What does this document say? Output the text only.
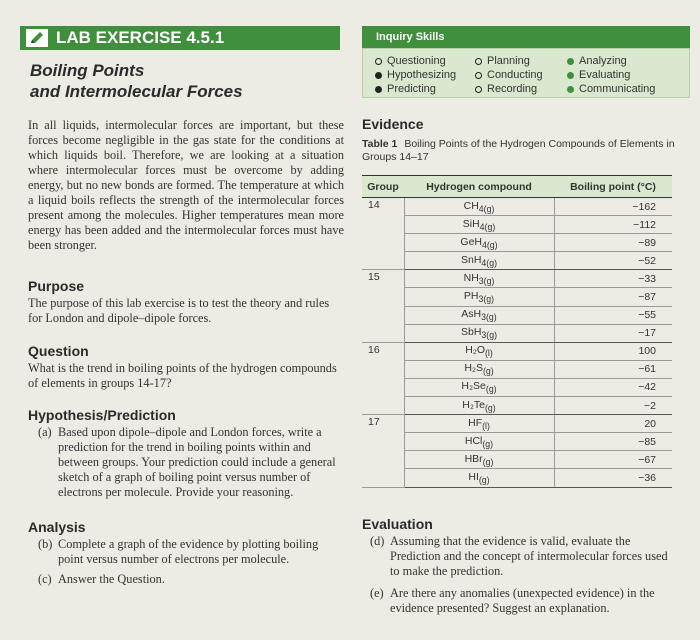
LAB EXERCISE 4.5.1
Boiling Points
and Intermolecular Forces
Inquiry Skills
Questioning
Hypothesizing
Predicting
Planning
Conducting
Recording
Analyzing
Evaluating
Communicating

In all liquids, intermolecular forces are important, but these forces become negligible in the gas state for the conditions at which liquids boil. Therefore, we are looking at a situation where intermolecular forces must be overcome by adding energy, but no new bonds are formed. The temperature at which a liquid boils reflects the strength of the intermolecular forces present among the molecules. Higher temperatures mean more energy has been added and the intermolecular forces must have been stronger.

Purpose

The purpose of this lab exercise is to test the theory and rules for London and dipole–dipole forces.

Question

What is the trend in boiling points of the hydrogen compounds of elements in groups 14-17?

Hypothesis/Prediction
(a) Based upon dipole–dipole and London forces, write a prediction for the trend in boiling points within and between groups. Your prediction could include a general sketch of a graph of boiling point versus number of electrons per molecule. Provide your reasoning.
Analysis
(b) Complete a graph of the evidence by plotting boiling point versus number of electrons per molecule.
(c) Answer the Question.
Evidence
Table 1 Boiling Points of the Hydrogen Compounds of Elements in Groups 14–17
Group	Hydrogen compound	Boiling point (°C)
14	$CH_{4(g)}$	−162
	SiH$_{4(g)}$	−112
	GeH$_{4(g)}$	−89
	SnH$_{4(g)}$	−52
15	$NH_{3(g)}$	−33
	$PH_{3(g)}$	−87
	AsH$_{3(g)}$	−55
	SbH$_{3(g)}$	−17
16	$H_2O_{(l)}$	100
	$H_2S_{(g)}$	−61
	$H_2Se_{(g)}$	−42
	$H_2Te_{(g)}$	−2
17	$HF_{(l)}$	20
	HCl$_{(g)}$	−85
	HBr$_{(g)}$	−67
	$HI_{(g)}$	−36
Evaluation
(d) Assuming that the evidence is valid, evaluate the Prediction and the concept of intermolecular forces used to make the prediction.
(e) Are there any anomalies (unexpected evidence) in the evidence presented? Suggest an explanation.
